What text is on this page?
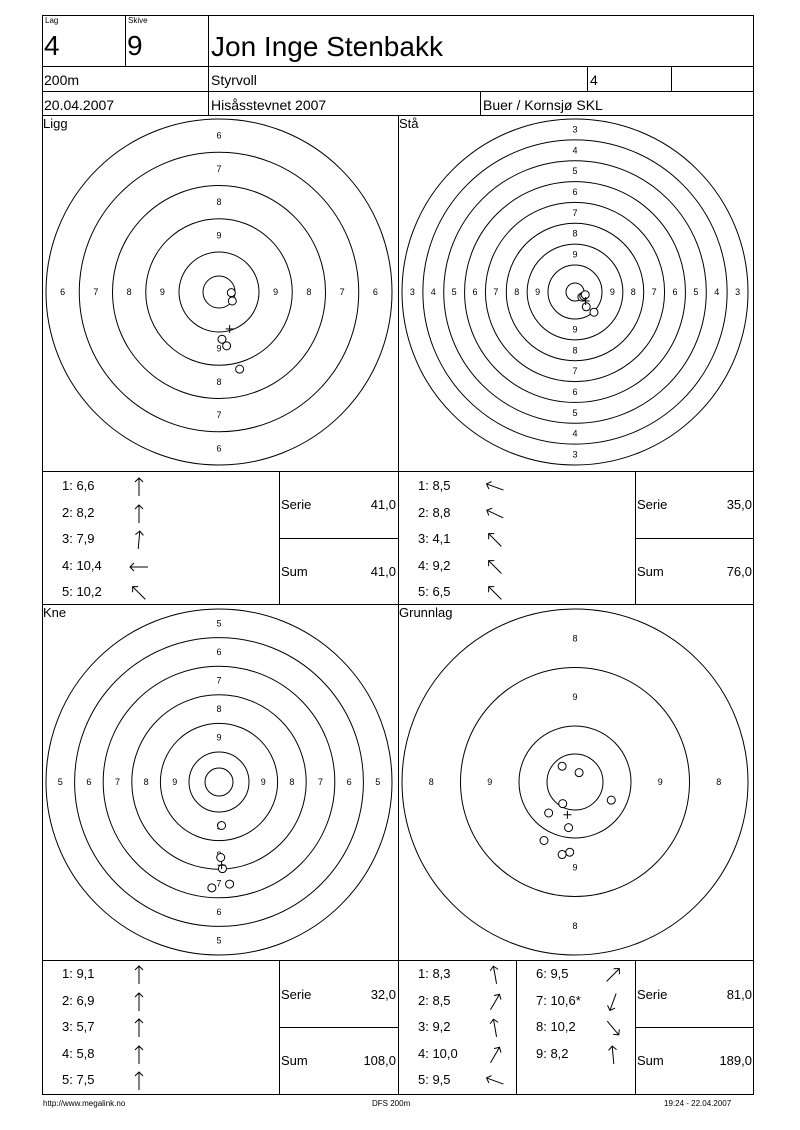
Lag
4
Skive
9 Jon Inge Stenbakk
200m	Styrvoll	4
20.04.2007	Hisåsstevnet 2007	Buer / Kornsjø SKL
Ligg
6
6
6	6
7
7
7	7
8
8
8	8
9
9
9	9
Stå	3
3
3	3
4
4
4	4
5
5
5	5
6
6
6	6
7
7
7	7
8
8
8	8
9
9
9	9
Kne
5
5
5	5
6
6
6	6
7
7
7	7
8
8	8
9
9	9
Grunnlag
8
8
8	8
9
9
9	9
Serie	41,0
Sum	41,0
Serie	35,0
Sum	76,0
Serie	32,0
Sum	108,0
Serie	81,0
Sum	189,0
1: 6,6
2: 8,2
3: 7,9
4: 10,4
5: 10,2
1: 8,5
2: 8,8
3: 4,1
4: 9,2
5: 6,5
1: 9,1
2: 6,9
3: 5,7
4: 5,8
5: 7,5
1: 8,3
2: 8,5
3: 9,2
4: 10,0
5: 9,5
6: 9,5
7: 10,6*
8: 10,2
9: 8,2
http://www.megalink.no	DFS 200m	19:24 - 22.04.2007
